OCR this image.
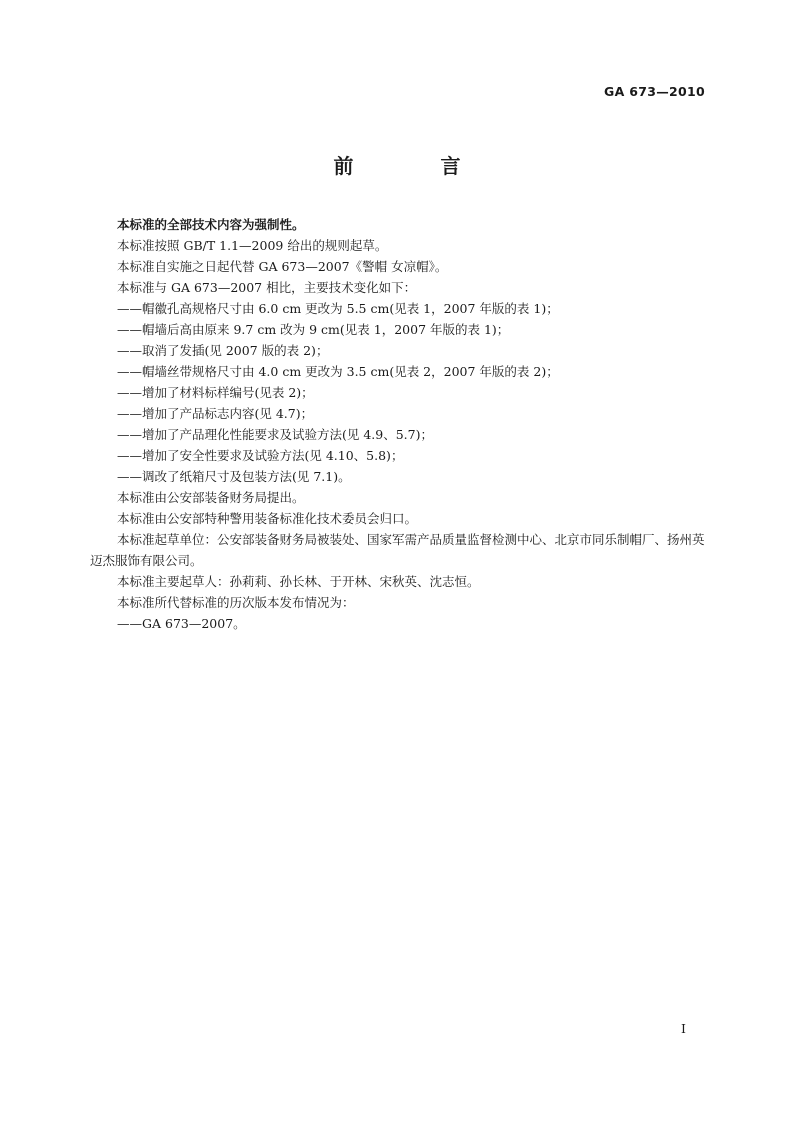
GA 673—2010
前 言

本标准的全部技术内容为强制性。

本标准按照 GB/T 1.1—2009 给出的规则起草。

本标准自实施之日起代替 GA 673—2007《警帽 女凉帽》。

本标准与 GA 673—2007 相比，主要技术变化如下：

——帽徽孔高规格尺寸由 6.0 cm 更改为 5.5 cm(见表 1，2007 年版的表 1)；

——帽墙后高由原来 9.7 cm 改为 9 cm(见表 1，2007 年版的表 1)；

——取消了发插(见 2007 版的表 2)；

——帽墙丝带规格尺寸由 4.0 cm 更改为 3.5 cm(见表 2，2007 年版的表 2)；

——增加了材料标样编号(见表 2)；

——增加了产品标志内容(见 4.7)；

——增加了产品理化性能要求及试验方法(见 4.9、5.7)；

——增加了安全性要求及试验方法(见 4.10、5.8)；

——调改了纸箱尺寸及包装方法(见 7.1)。

本标准由公安部装备财务局提出。

本标准由公安部特种警用装备标准化技术委员会归口。

本标准起草单位：公安部装备财务局被装处、国家军需产品质量监督检测中心、北京市同乐制帽厂、扬州英迈杰服饰有限公司。

本标准主要起草人：孙莉莉、孙长林、于开林、宋秋英、沈志恒。

本标准所代替标准的历次版本发布情况为：

——GA 673—2007。

I
